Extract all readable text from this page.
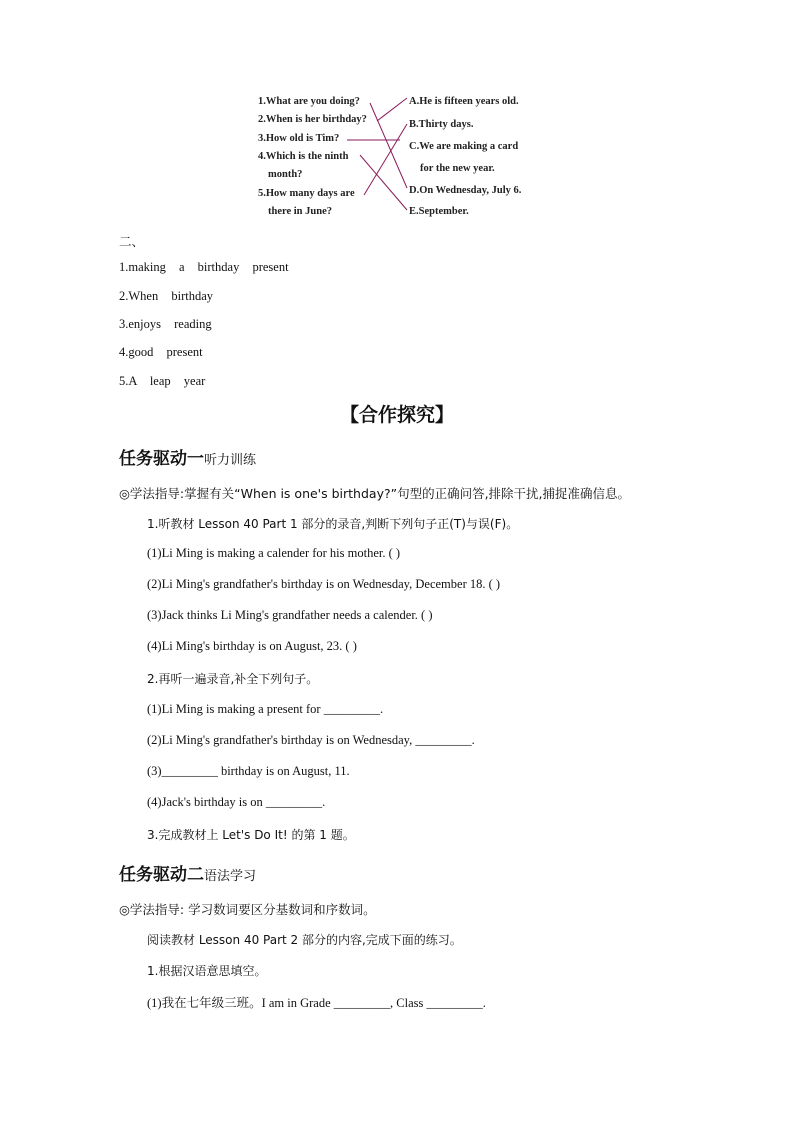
1.What are you doing?
2.When is her birthday?
3.How old is Tim?
4.Which is the ninth
month?
5.How many days are
there in June?
A.He is fifteen years old.
B.Thirty days.
C.We are making a card
for the new year.
D.On Wednesday, July 6.
E.September.
二、
1.making a birthday present
2.When birthday
3.enjoys reading
4.good present
5.A leap year
【合作探究】
任务驱动一听力训练
◎学法指导:掌握有关“When is one's birthday?”句型的正确问答,排除干扰,捕捉准确信息。
1.听教材 Lesson 40 Part 1 部分的录音,判断下列句子正(T)与误(F)。
(1)Li Ming is making a calender for his mother. ( )
(2)Li Ming's grandfather's birthday is on Wednesday, December 18. ( )
(3)Jack thinks Li Ming's grandfather needs a calender. ( )
(4)Li Ming's birthday is on August, 23. ( )
2.再听一遍录音,补全下列句子。
(1)Li Ming is making a present for _________.
(2)Li Ming's grandfather's birthday is on Wednesday, _________.
(3)_________ birthday is on August, 11.
(4)Jack's birthday is on _________.
3.完成教材上 Let's Do It! 的第 1 题。
任务驱动二语法学习
◎学法指导: 学习数词要区分基数词和序数词。
阅读教材 Lesson 40 Part 2 部分的内容,完成下面的练习。
1.根据汉语意思填空。
(1)我在七年级三班。I am in Grade _________, Class _________.
